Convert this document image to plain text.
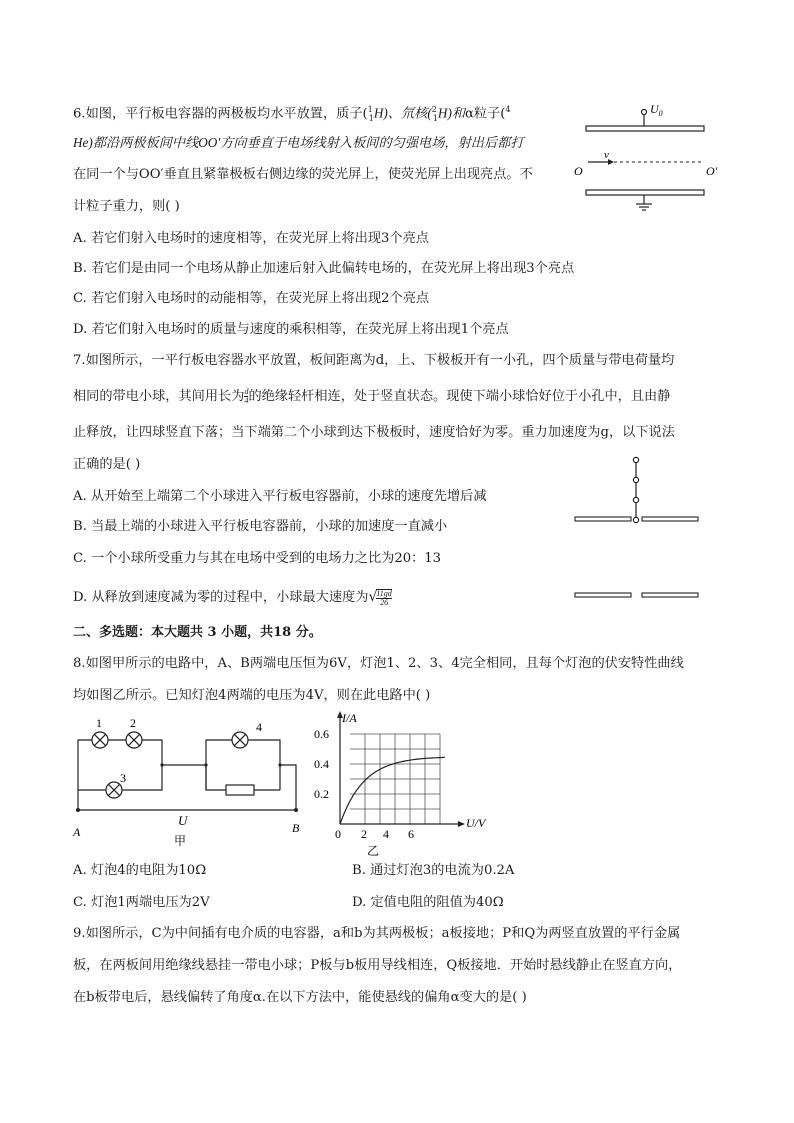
6.如图，平行板电容器的两极板均水平放置，质子($^1_1$H)、氘核($^2_1$H)和α粒子($^4$
He)都沿两极板间中线OO′方向垂直于电场线射入板间的匀强电场，射出后都打
在同一个与OO′垂直且紧靠极板右侧边缘的荧光屏上，使荧光屏上出现亮点。不
计粒子重力，则( )
A. 若它们射入电场时的速度相等，在荧光屏上将出现3个亮点
B. 若它们是由同一个电场从静止加速后射入此偏转电场的，在荧光屏上将出现3个亮点
C. 若它们射入电场时的动能相等，在荧光屏上将出现2个亮点
D. 若它们射入电场时的质量与速度的乘积相等，在荧光屏上将出现1个亮点
$U_0$
v
O	O′
7.如图所示，一平行板电容器水平放置，板间距离为d，上、下极板开有一小孔，四个质量与带电荷量均
相同的带电小球，其间用长为 $\frac{d}{4}$ 的绝缘轻杆相连，处于竖直状态。现使下端小球恰好位于小孔中，且由静
止释放，让四球竖直下落；当下端第二个小球到达下极板时，速度恰好为零。重力加速度为g，以下说法
正确的是( )
A. 从开始至上端第二个小球进入平行板电容器前，小球的速度先增后减
B. 当最上端的小球进入平行板电容器前，小球的加速度一直减小
C. 一个小球所受重力与其在电场中受到的电场力之比为20：13
D. 从释放到速度减为零的过程中，小球最大速度为√ $\frac{11gd}{26}$
二、多选题：本大题共 3 小题，共18 分。
8.如图甲所示的电路中，A、B两端电压恒为6V，灯泡1、2、3、4完全相同，且每个灯泡的伏安特性曲线
均如图乙所示。已知灯泡4两端的电压为4V，则在此电路中( )
1 2
3
4
U
A	B
甲
I/A
U/V
0.6
0.4
0.2
0 2 4 6
乙
A. 灯泡4的电阻为10Ω	B. 通过灯泡3的电流为0.2A
C. 灯泡1两端电压为2V	D. 定值电阻的阻值为40Ω
9.如图所示，C为中间插有电介质的电容器，a和b为其两极板；a板接地；P和Q为两竖直放置的平行金属
板，在两板间用绝缘线悬挂一带电小球；P板与b板用导线相连，Q板接地．开始时悬线静止在竖直方向，
在b板带电后，悬线偏转了角度α.在以下方法中，能使悬线的偏角α变大的是( )
